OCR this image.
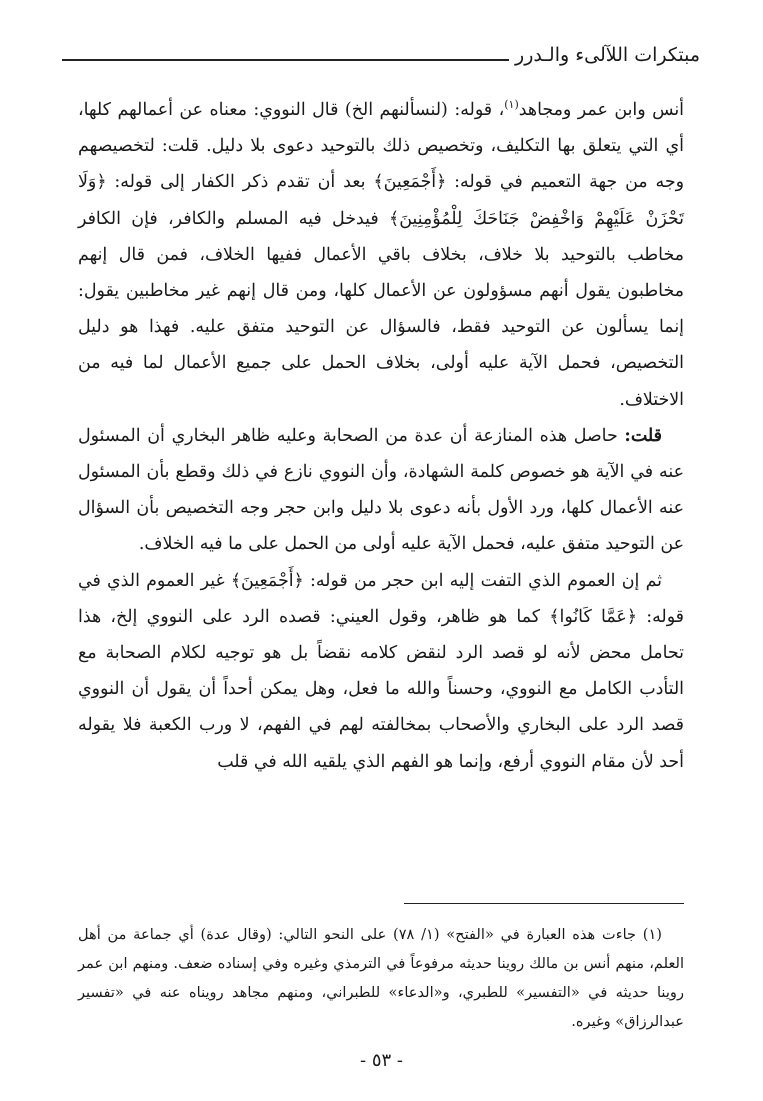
مبتكرات اللآلىء والـدرر

أنس وابن عمر ومجاهد$^{(١)}$، قوله: (لنسألنهم الخ) قال النووي: معناه عن أعمالهم كلها، أي التي يتعلق بها التكليف، وتخصيص ذلك بالتوحيد دعوى بلا دليل. قلت: لتخصيصهم وجه من جهة التعميم في قوله: ﴿أَجْمَعِينَ﴾ بعد أن تقدم ذكر الكفار إلى قوله: ﴿وَلَا تَحْزَنْ عَلَيْهِمْ وَاخْفِضْ جَنَاحَكَ لِلْمُؤْمِنِينَ﴾ فيدخل فيه المسلم والكافر، فإن الكافر مخاطب بالتوحيد بلا خلاف، بخلاف باقي الأعمال ففيها الخلاف، فمن قال إنهم مخاطبون يقول أنهم مسؤولون عن الأعمال كلها، ومن قال إنهم غير مخاطبين يقول: إنما يسألون عن التوحيد فقط، فالسؤال عن التوحيد متفق عليه. فهذا هو دليل التخصيص، فحمل الآية عليه أولى، بخلاف الحمل على جميع الأعمال لما فيه من الاختلاف.

قلت: حاصل هذه المنازعة أن عدة من الصحابة وعليه ظاهر البخاري أن المسئول عنه في الآية هو خصوص كلمة الشهادة، وأن النووي نازع في ذلك وقطع بأن المسئول عنه الأعمال كلها، ورد الأول بأنه دعوى بلا دليل وابن حجر وجه التخصيص بأن السؤال عن التوحيد متفق عليه، فحمل الآية عليه أولى من الحمل على ما فيه الخلاف.

ثم إن العموم الذي التفت إليه ابن حجر من قوله: ﴿أَجْمَعِينَ﴾ غير العموم الذي في قوله: ﴿عَمَّا كَانُوا﴾ كما هو ظاهر، وقول العيني: قصده الرد على النووي إلخ، هذا تحامل محض لأنه لو قصد الرد لنقض كلامه نقضاً بل هو توجيه لكلام الصحابة مع التأدب الكامل مع النووي، وحسناً والله ما فعل، وهل يمكن أحداً أن يقول أن النووي قصد الرد على البخاري والأصحاب بمخالفته لهم في الفهم، لا ورب الكعبة فلا يقوله أحد لأن مقام النووي أرفع، وإنما هو الفهم الذي يلقيه الله في قلب

(١) جاءت هذه العبارة في «الفتح» (١/ ٧٨) على النحو التالي: (وقال عدة) أي جماعة من أهل العلم، منهم أنس بن مالك روينا حديثه مرفوعاً في الترمذي وغيره وفي إسناده ضعف. ومنهم ابن عمر روينا حديثه في «التفسير» للطبري، و«الدعاء» للطبراني، ومنهم مجاهد رويناه عنه في «تفسير عبدالرزاق» وغيره.

- ٥٣ -
